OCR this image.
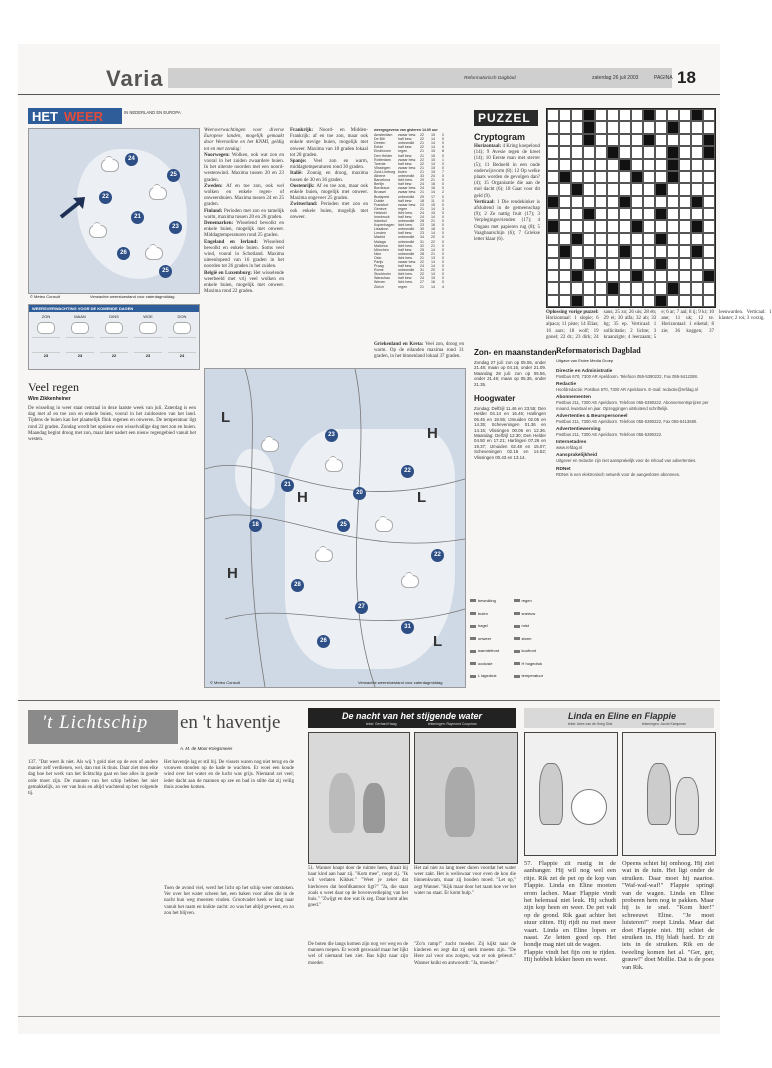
Varia	Reformatorisch Dagblad	zaterdag 26 juli 2003	PAGINA 18
HET WEER	IN NEDERLAND EN EUROPA
24
25
22
21
23
26
25
© Meteo Consult	Verwachte weerstoestand voor zaterdagmiddag
WEERSVERWACHTING VOOR DE KOMENDE DAGEN
ZON
23
MAAN
23
DINS
22
WOE
23
DON
24
Veel regen
Wim Zikkenheiner
De wisseling in weer staat centraal in deze laatste week van juli. Zaterdag is een dag met af en toe zon en enkele buien, vooral in het zuidoosten van het land. Tijdens de buien kan het plaatselijk flink regenen en onweren. De temperatuur ligt rond 22 graden. Zondag wordt het opnieuw een wisselvallige dag met zon en buien. Maandag begint droog met zon, maar later nadert een nieuw regengebied vanuit het westen.
Weersverwachtingen voor diverse Europese landen, mogelijk gemaakt door Weeronline en het KNMI, geldig tot en met zondag:
Noorwegen: Wolken, ook wat zon en vooral in het zuiden zwaardere buien. In het uiterste noorden met een noord-westenwind. Maxima tussen 20 en 23 graden.
Zweden: Af en toe zon, ook wel wolken en enkele regen- of onweersbuien. Maxima tussen 24 en 25 graden.
Finland: Perioden met zon en tamelijk warm, maxima tussen 20 en 26 graden.
Denemarken: Wisselend bewolkt en enkele buien, mogelijk met onweer. Middagtemperaturen rond 25 graden.
Engeland en Ierland: Wisselend bewolkt en enkele buien. Soms veel wind, vooral in Schotland. Maxima uiteenlopend van 16 graden in het noorden tot 26 graden in het zuiden.
België en Luxemburg: Het wisselende weerbeeld met vrij veel wolken en enkele buien, mogelijk met onweer. Maxima rond 22 graden.
Frankrijk: Noord- en Midden-Frankrijk: af en toe zon, maar ook enkele stevige buien, mogelijk met onweer. Maxima van 18 graden lokaal tot 28 graden.
Spanje: Veel zon en warm, middagtemperaturen rond 30 graden.
Italië: Zonnig en droog, maxima tussen de 30 en 36 graden.
Oostenrijk: Af en toe zon, maar ook enkele buien, mogelijk met onweer. Maxima ongeveer 25 graden.
Zwitserland: Perioden met zon en ook enkele buien, mogelijk met onweer.
weergegevens van gisteren 14.00 uur
Amsterdam	zwaar bew.	22	15	2
De Bilt	half bew.	22	14	0
Deelen	onbewolkt	21	14	0
Eelde	half bew.	22	14	0
Eindhoven	regen	21	15	8
Den Helder	half bew.	21	15	0
Rotterdam	zwaar bew.	22	15	1
Twente	half bew.	22	14	0
Vlissingen	zwaar bew.	21	15	0
Zuid-Limburg buien	21	15	7
Athene	onbewolkt	33	24	0
Barcelona	licht bew.	29	21	0
Berlijn	half bew.	24	16	0
Bordeaux	zwaar bew.	24	16	0
Brussel	zwaar bew.	21	14	2
Budapest	onbewolkt	29	17	0
Dublin	half bew.	18	11	0
Frankfurt	zwaar bew.	23	15	0
Genève	regen	21	14	3
Helsinki	licht bew.	24	15	0
Innsbruck	half bew.	24	14	0
Istanbul	onbewolkt	28	21	0
Kopenhagen	licht bew.	23	16	0
Lissabon	onbewolkt	30	18	0
Londen	half bew.	23	14	0
Madrid	onbewolkt	34	20	0
Malaga	onbewolkt	31	22	0
Mallorca	licht bew.	32	21	0
München	half bew.	25	14	0
Nice	onbewolkt	28	21	0
Oslo	licht bew.	21	13	0
Parijs	zwaar bew.	22	14	0
Praag	half bew.	24	14	0
Rome	onbewolkt	31	20	0
Stockholm	licht bew.	22	14	0
Warschau	half bew.	24	15	0
Wenen	licht bew.	27	16	0
Zürich	regen	21	14	4
Griekenland en Kreta: Veel zon, droog en warm. Op de eilanden maxima rond 31 graden, in het binnenland lokaal 37 graden.
L
H
H
H
L
L
23
21
18
20
22
25
28
27
31
22
26
© Meteo Consult	Verwachte weerstoestand voor zaterdagmiddag
bewolking	regen
buien	sneeuw
hagel	mist
onweer	storm
warmtefront	koufront
occlusie	H hogedruk
L lagedruk	temperatuur
PUZZEL
Cryptogram
Horizontaal: 4 Kring koepeloud (14); 9 Avesie tegen de kreet (14); 10 Eerste man met sterrer (5); 11 Bedoeld in een oude onderwijsvorm (8); 12 Op welke plaats worden de gevolgen dan? (4); 15 Organisatie die aan de mol dacht (6); 18 Gaat voor dit geld (9).
Verticaal: 1 Die rendekinker is afsluitend in de gemeenschap (9); 2 Ze nattig fruit (17); 3 Verplegingsvrienden (17); 4 Ongans met papieren rug (8); 5 Vaagbaarschijn (6); 7 Griekse letter klaar (6).
Oplossing vorige puzzel: Horizontaal: 1 slopie; 6 alpaca; 11 piste; 14 Elias; 16 aars; 18 wolf; 19 gonel; 22 dr.; 23 dirk; 24 saus; 25 zo; 26 uis; 28 eb; 29 ei; 30 alfa; 32 ab; 33 bg; 35 ep. Verticaal: 1 sollicitatie; 2 lichte; 3 kraanzigte; 4 leerzaam; 5 e; 6 ar; 7 aal; 8 ij; 9 kr; 10 ane; 11 uk; 12 te. Horizontaal: 1 eiketal; 8 zie; 36 koggen; 37 leeuwarden. Verticaal: 1 klaster; 2 roi; 3 vorzig.
Zon- en maanstanden
Zondag 27 juli: zon op 05.55, onder 21.48; maan op 04.16, onder 21.09. Maandag 28 juli: zon op 05.56, onder 21.46; maan op 05.36, onder 21.35.
Hoogwater
Zondag: Delfzijl 11.46 en 23.55; Den Helder 04.14 en 16.46; Harlingen 06.45 en 18.55; IJmuiden 02.05 en 14.35; Scheveningen 01.36 en 14.15; Vlissingen 00.06 en 12.36. Maandag: Delfzijl 12.30; Den Helder 04.50 en 17.21; Harlingen 07.26 en 19.37; IJmuiden 02.48 en 15.07; Scheveningen 02.16 en 14.52; Vlissingen 00.43 en 13.14.
Reformatorisch Dagblad
Uitgave van Erdee Media Groep
Directie en Administratie
Postbus 670, 7300 AR Apeldoorn. Telefoon 055-5390222, Fax 055-5412288.
Redactie
Hoofdredactie: Postbus 670, 7300 AR Apeldoorn. E-mail: redactie@refdag.nl
Abonnementen
Postbus 211, 7300 AE Apeldoorn. Telefoon 055-5390222. Abonnementsprijzen per maand, kwartaal en jaar. Opzeggingen uitsluitend schriftelijk.
Advertenties & Beurspersoneel
Postbus 211, 7300 AE Apeldoorn. Telefoon 055-5390222, Fax 055-5413680.
Advertentiewerving
Postbus 211, 7300 AE Apeldoorn. Telefoon 055-5390222.
Internetadres
www.refdag.nl
Aansprakelijkheid
Uitgever en redactie zijn niet aansprakelijk voor de inhoud van advertenties.
RDNet
RDNet is een elektronisch netwerk voor de aangesloten abonnees.
't Lichtschip en 't haventje
A. M. de Moor-Kriegsmeier
137. "Dat weet ik niet. Als wij 't gold niet op de een of andere manier zelf verdienen, wel, dan rust ik thuis. Daar ziet men elke dag hoe het werk van het lichtschip gaat en hoe alles in goede orde moet zijn. De mannen van het schip hebben het niet gemakkelijk, zo ver van huis en altijd wachtend op het volgende tij.
Het haventje lag er stil bij. De vissers waren nog niet terug en de vrouwen stonden op de kade te wachten. Er woei een koude wind over het water en de lucht was grijs. Niemand zei veel; ieder dacht aan de mannen op zee en bad in stilte dat zij veilig thuis zouden komen.
Toen de avond viel, werd het licht op het schip weer ontstoken. Ver over het water scheen het, een baken voor allen die in de nacht hun weg moesten vinden. Grootvader keek er lang naar vanuit het raam en knikte zacht: zo was het altijd geweest, en zo zou het blijven.
De nacht van het stijgende water
tekst: Gerhard Haag	tekeningen: Raymond Coopman
51. Wanner knapt door de ruimte heen, draait bij haar kind aan haar zij. "Kom mee", roept zij. "Ik wil verlaten Kikker." "Weet je zeker dat hierboven dat hoofdkantoor ligt?" "Ja, die staat zoals u weet daar op de bovenverdieping van het huis." "Zwijgt en doe wat ik zeg. Daar komt alles goed."
Het zal niet zo lang meer duren voordat het water weer zakt. Het is weliswaar voor even de kou die binnenkwam, maar zij houden moed. "Let op," zegt Wanner. "Kijk maar door het raam hoe ver het water nu staat. Er komt hulp."
De boten die langs komen zijn nog ver weg en de mannen roepen. Er wordt gezwaaid maar het lijkt wel of niemand hen ziet. Bas kijkt naar zijn moeder.
"Zo'n ramp!" zucht moeder. Zij kijkt naar de kinderen en zegt dat zij sterk moeten zijn. "De Here zal voor ons zorgen, wat er ook gebeurt." Wanner knikt en antwoordt: "Ja, moeder."
Linda en Eline en Flappie
tekst: Aries van de Hoeg Slok	tekeningen: Jacob Kampman
57. Flappie zit rustig in de aanbanger. Hij wil nog wel een ritje. Rik zet de pet op de kop van Flappie. Linda en Eline moeten erom lachen. Maar Flappie vindt het helemaal niet leuk. Hij schudt zijn kop heen en weer. De pet valt op de grond. Rik gaat achter het stuur zitten. Hij rijdt nu met meer vaart. Linda en Eline lopen er naast. Ze letten goed op. Het hondje mag niet uit de wagen.
Flappie vindt het fijn om te rijden. Hij hobbelt lekker heen en weer.
Opeens schiet hij omhoog. Hij ziet wat in de tuin. Het ligt onder de struiken. Daar moet hij naartoe. "Waf-waf-waf!" Flappie springt van de wagen. Linda en Eline proberen hem nog te pakken. Maar hij is te snel. "Kom hier!" schreeuwt Eline. "Je moet luisteren!" roept Linda. Maar dat doet Flappie niet. Hij schiet de struiken in. Hij blaft hard. Er zit iets in de struiken. Rik en de tweeling komen het al. "Ger, ger, grauw!" doet Mollie. Dat is de poes van Rik.
